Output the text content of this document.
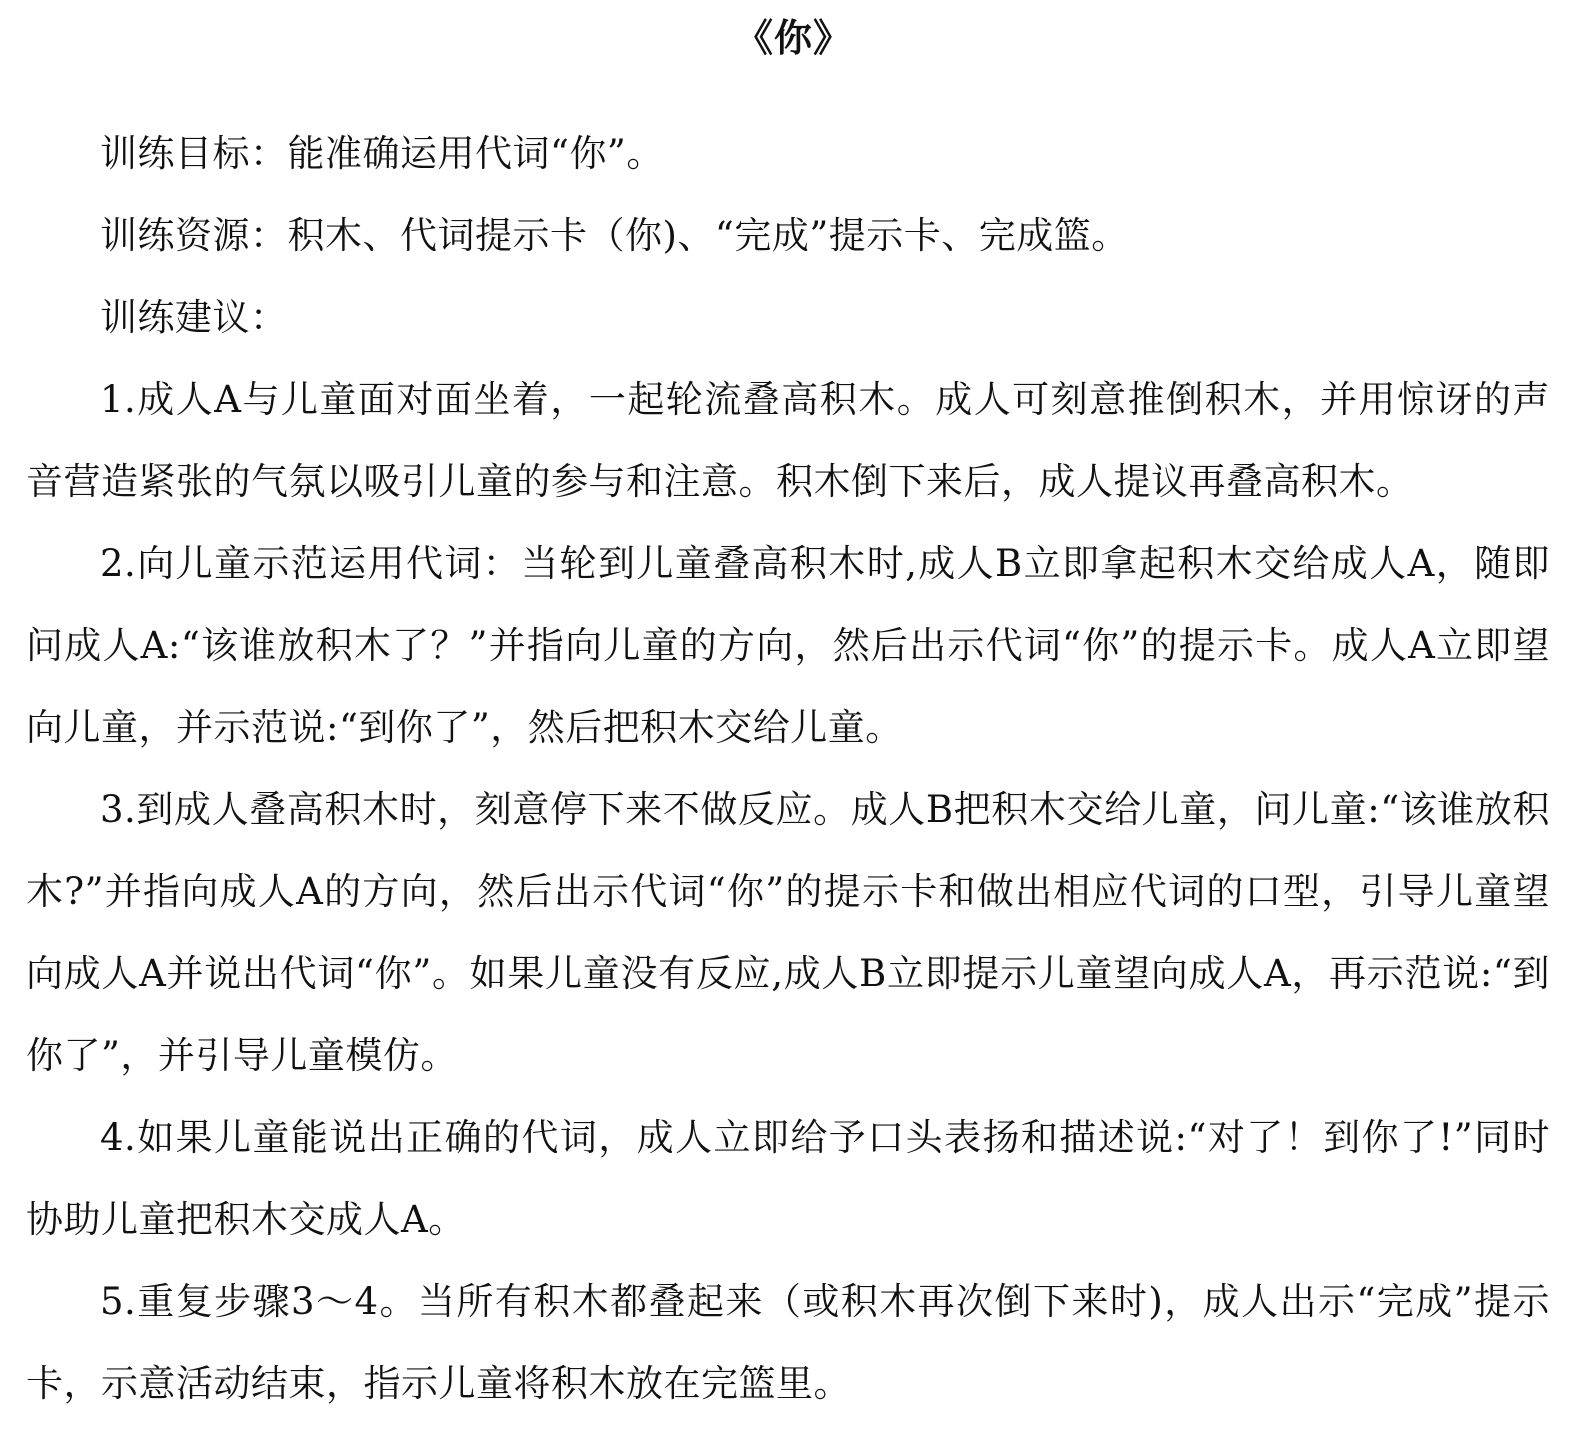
《你》

训练目标：能准确运用代词“你”。

训练资源：积木、代词提示卡（你)、“完成”提示卡、完成篮。

训练建议：

1.成人A与儿童面对面坐着，一起轮流叠高积木。成人可刻意推倒积木，并用惊讶的声音营造紧张的气氛以吸引儿童的参与和注意。积木倒下来后，成人提议再叠高积木。

2.向儿童示范运用代词：当轮到儿童叠高积木时,成人B立即拿起积木交给成人A，随即问成人A:“该谁放积木了？”并指向儿童的方向，然后出示代词“你”的提示卡。成人A立即望向儿童，并示范说:“到你了”，然后把积木交给儿童。

3.到成人叠高积木时，刻意停下来不做反应。成人B把积木交给儿童，问儿童:“该谁放积木?”并指向成人A的方向，然后出示代词“你”的提示卡和做出相应代词的口型，引导儿童望向成人A并说出代词“你”。如果儿童没有反应,成人B立即提示儿童望向成人A，再示范说:“到你了”，并引导儿童模仿。

4.如果儿童能说出正确的代词，成人立即给予口头表扬和描述说:“对了！到你了!”同时协助儿童把积木交成人A。

5.重复步骤3～4。当所有积木都叠起来（或积木再次倒下来时)，成人出示“完成”提示卡，示意活动结束，指示儿童将积木放在完篮里。
